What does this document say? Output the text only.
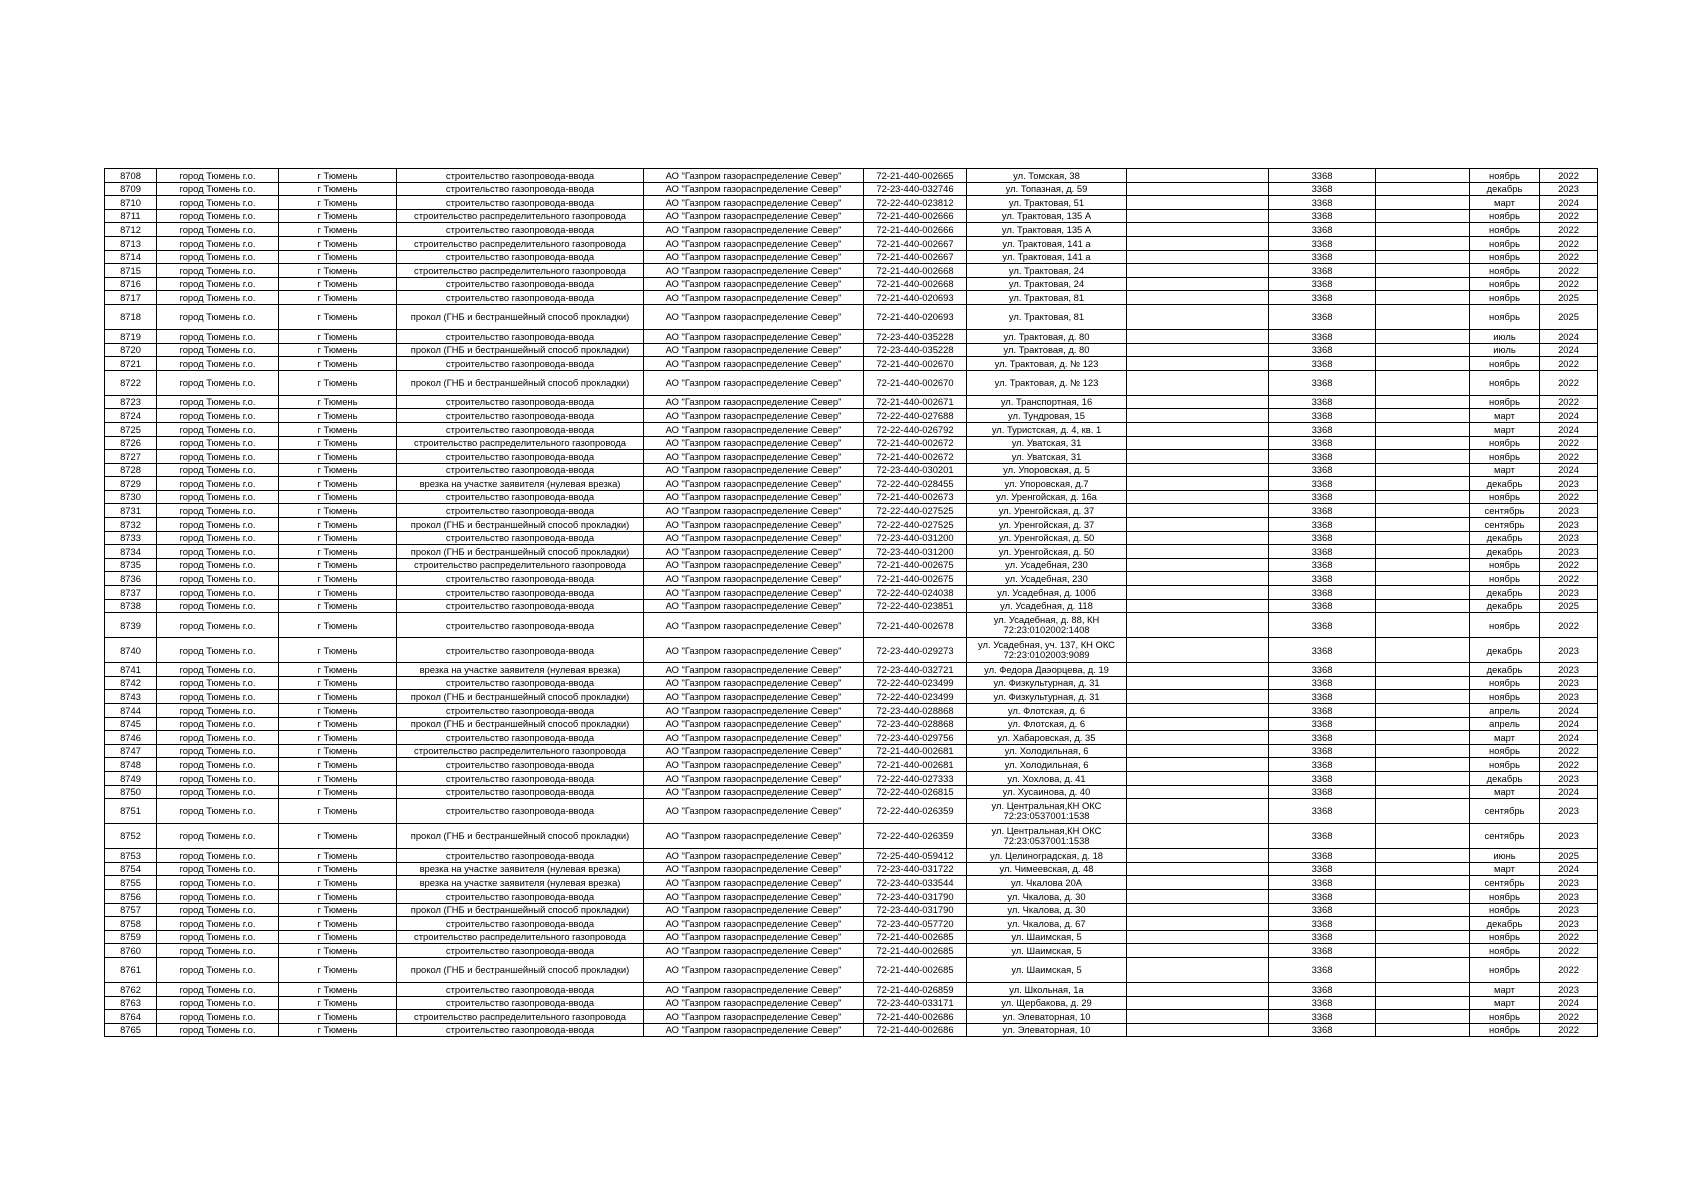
8708	город Тюмень г.о.	г Тюмень	строительство газопровода-ввода	АО "Газпром газораспределение Север"	72-21-440-002665	ул. Томская, 38		3368		ноябрь	2022
8709	город Тюмень г.о.	г Тюмень	строительство газопровода-ввода	АО "Газпром газораспределение Север"	72-23-440-032746	ул. Топазная, д. 59		3368		декабрь	2023
8710	город Тюмень г.о.	г Тюмень	строительство газопровода-ввода	АО "Газпром газораспределение Север"	72-22-440-023812	ул. Трактовая, 51		3368		март	2024
8711	город Тюмень г.о.	г Тюмень	строительство распределительного газопровода	АО "Газпром газораспределение Север"	72-21-440-002666	ул. Трактовая, 135 А		3368		ноябрь	2022
8712	город Тюмень г.о.	г Тюмень	строительство газопровода-ввода	АО "Газпром газораспределение Север"	72-21-440-002666	ул. Трактовая, 135 А		3368		ноябрь	2022
8713	город Тюмень г.о.	г Тюмень	строительство распределительного газопровода	АО "Газпром газораспределение Север"	72-21-440-002667	ул. Трактовая, 141 а		3368		ноябрь	2022
8714	город Тюмень г.о.	г Тюмень	строительство газопровода-ввода	АО "Газпром газораспределение Север"	72-21-440-002667	ул. Трактовая, 141 а		3368		ноябрь	2022
8715	город Тюмень г.о.	г Тюмень	строительство распределительного газопровода	АО "Газпром газораспределение Север"	72-21-440-002668	ул. Трактовая, 24		3368		ноябрь	2022
8716	город Тюмень г.о.	г Тюмень	строительство газопровода-ввода	АО "Газпром газораспределение Север"	72-21-440-002668	ул. Трактовая, 24		3368		ноябрь	2022
8717	город Тюмень г.о.	г Тюмень	строительство газопровода-ввода	АО "Газпром газораспределение Север"	72-21-440-020693	ул. Трактовая, 81		3368		ноябрь	2025
8718	город Тюмень г.о.	г Тюмень	прокол (ГНБ и бестраншейный способ прокладки)	АО "Газпром газораспределение Север"	72-21-440-020693	ул. Трактовая, 81		3368		ноябрь	2025
8719	город Тюмень г.о.	г Тюмень	строительство газопровода-ввода	АО "Газпром газораспределение Север"	72-23-440-035228	ул. Трактовая, д. 80		3368		июль	2024
8720	город Тюмень г.о.	г Тюмень	прокол (ГНБ и бестраншейный способ прокладки)	АО "Газпром газораспределение Север"	72-23-440-035228	ул. Трактовая, д. 80		3368		июль	2024
8721	город Тюмень г.о.	г Тюмень	строительство газопровода-ввода	АО "Газпром газораспределение Север"	72-21-440-002670	ул. Трактовая, д. № 123		3368		ноябрь	2022
8722	город Тюмень г.о.	г Тюмень	прокол (ГНБ и бестраншейный способ прокладки)	АО "Газпром газораспределение Север"	72-21-440-002670	ул. Трактовая, д. № 123		3368		ноябрь	2022
8723	город Тюмень г.о.	г Тюмень	строительство газопровода-ввода	АО "Газпром газораспределение Север"	72-21-440-002671	ул. Транспортная, 16		3368		ноябрь	2022
8724	город Тюмень г.о.	г Тюмень	строительство газопровода-ввода	АО "Газпром газораспределение Север"	72-22-440-027688	ул. Тундровая, 15		3368		март	2024
8725	город Тюмень г.о.	г Тюмень	строительство газопровода-ввода	АО "Газпром газораспределение Север"	72-22-440-026792	ул. Туристская, д. 4, кв. 1		3368		март	2024
8726	город Тюмень г.о.	г Тюмень	строительство распределительного газопровода	АО "Газпром газораспределение Север"	72-21-440-002672	ул. Уватская, 31		3368		ноябрь	2022
8727	город Тюмень г.о.	г Тюмень	строительство газопровода-ввода	АО "Газпром газораспределение Север"	72-21-440-002672	ул. Уватская, 31		3368		ноябрь	2022
8728	город Тюмень г.о.	г Тюмень	строительство газопровода-ввода	АО "Газпром газораспределение Север"	72-23-440-030201	ул. Упоровская, д. 5		3368		март	2024
8729	город Тюмень г.о.	г Тюмень	врезка на участке заявителя (нулевая врезка)	АО "Газпром газораспределение Север"	72-22-440-028455	ул. Упоровская, д.7		3368		декабрь	2023
8730	город Тюмень г.о.	г Тюмень	строительство газопровода-ввода	АО "Газпром газораспределение Север"	72-21-440-002673	ул. Уренгойская, д. 16а		3368		ноябрь	2022
8731	город Тюмень г.о.	г Тюмень	строительство газопровода-ввода	АО "Газпром газораспределение Север"	72-22-440-027525	ул. Уренгойская, д. 37		3368		сентябрь	2023
8732	город Тюмень г.о.	г Тюмень	прокол (ГНБ и бестраншейный способ прокладки)	АО "Газпром газораспределение Север"	72-22-440-027525	ул. Уренгойская, д. 37		3368		сентябрь	2023
8733	город Тюмень г.о.	г Тюмень	строительство газопровода-ввода	АО "Газпром газораспределение Север"	72-23-440-031200	ул. Уренгойская, д. 50		3368		декабрь	2023
8734	город Тюмень г.о.	г Тюмень	прокол (ГНБ и бестраншейный способ прокладки)	АО "Газпром газораспределение Север"	72-23-440-031200	ул. Уренгойская, д. 50		3368		декабрь	2023
8735	город Тюмень г.о.	г Тюмень	строительство распределительного газопровода	АО "Газпром газораспределение Север"	72-21-440-002675	ул. Усадебная, 230		3368		ноябрь	2022
8736	город Тюмень г.о.	г Тюмень	строительство газопровода-ввода	АО "Газпром газораспределение Север"	72-21-440-002675	ул. Усадебная, 230		3368		ноябрь	2022
8737	город Тюмень г.о.	г Тюмень	строительство газопровода-ввода	АО "Газпром газораспределение Север"	72-22-440-024038	ул. Усадебная, д. 100б		3368		декабрь	2023
8738	город Тюмень г.о.	г Тюмень	строительство газопровода-ввода	АО "Газпром газораспределение Север"	72-22-440-023851	ул. Усадебная, д. 118		3368		декабрь	2025
8739	город Тюмень г.о.	г Тюмень	строительство газопровода-ввода	АО "Газпром газораспределение Север"	72-21-440-002678	ул. Усадебная, д. 88, КН 72:23:0102002:1408		3368		ноябрь	2022
8740	город Тюмень г.о.	г Тюмень	строительство газопровода-ввода	АО "Газпром газораспределение Север"	72-23-440-029273	ул. Усадебная, уч. 137, КН ОКС 72:23:0102003:9089		3368		декабрь	2023
8741	город Тюмень г.о.	г Тюмень	врезка на участке заявителя (нулевая врезка)	АО "Газпром газораспределение Север"	72-23-440-032721	ул. Федора Даэорцева, д. 19		3368		декабрь	2023
8742	город Тюмень г.о.	г Тюмень	строительство газопровода-ввода	АО "Газпром газораспределение Север"	72-22-440-023499	ул. Физкультурная, д. 31		3368		ноябрь	2023
8743	город Тюмень г.о.	г Тюмень	прокол (ГНБ и бестраншейный способ прокладки)	АО "Газпром газораспределение Север"	72-22-440-023499	ул. Физкультурная, д. 31		3368		ноябрь	2023
8744	город Тюмень г.о.	г Тюмень	строительство газопровода-ввода	АО "Газпром газораспределение Север"	72-23-440-028868	ул. Флотская, д. 6		3368		апрель	2024
8745	город Тюмень г.о.	г Тюмень	прокол (ГНБ и бестраншейный способ прокладки)	АО "Газпром газораспределение Север"	72-23-440-028868	ул. Флотская, д. 6		3368		апрель	2024
8746	город Тюмень г.о.	г Тюмень	строительство газопровода-ввода	АО "Газпром газораспределение Север"	72-23-440-029756	ул. Хабаровская, д. 35		3368		март	2024
8747	город Тюмень г.о.	г Тюмень	строительство распределительного газопровода	АО "Газпром газораспределение Север"	72-21-440-002681	ул. Холодильная, 6		3368		ноябрь	2022
8748	город Тюмень г.о.	г Тюмень	строительство газопровода-ввода	АО "Газпром газораспределение Север"	72-21-440-002681	ул. Холодильная, 6		3368		ноябрь	2022
8749	город Тюмень г.о.	г Тюмень	строительство газопровода-ввода	АО "Газпром газораспределение Север"	72-22-440-027333	ул. Хохлова, д. 41		3368		декабрь	2023
8750	город Тюмень г.о.	г Тюмень	строительство газопровода-ввода	АО "Газпром газораспределение Север"	72-22-440-026815	ул. Хусаинова, д. 40		3368		март	2024
8751	город Тюмень г.о.	г Тюмень	строительство газопровода-ввода	АО "Газпром газораспределение Север"	72-22-440-026359	ул. Центральная,КН ОКС 72:23:0537001:1538		3368		сентябрь	2023
8752	город Тюмень г.о.	г Тюмень	прокол (ГНБ и бестраншейный способ прокладки)	АО "Газпром газораспределение Север"	72-22-440-026359	ул. Центральная,КН ОКС 72:23:0537001:1538		3368		сентябрь	2023
8753	город Тюмень г.о.	г Тюмень	строительство газопровода-ввода	АО "Газпром газораспределение Север"	72-25-440-059412	ул. Целиноградская, д. 18		3368		июнь	2025
8754	город Тюмень г.о.	г Тюмень	врезка на участке заявителя (нулевая врезка)	АО "Газпром газораспределение Север"	72-23-440-031722	ул. Чимеевская, д. 48		3368		март	2024
8755	город Тюмень г.о.	г Тюмень	врезка на участке заявителя (нулевая врезка)	АО "Газпром газораспределение Север"	72-23-440-033544	ул. Чкалова 20А		3368		сентябрь	2023
8756	город Тюмень г.о.	г Тюмень	строительство газопровода-ввода	АО "Газпром газораспределение Север"	72-23-440-031790	ул. Чкалова, д. 30		3368		ноябрь	2023
8757	город Тюмень г.о.	г Тюмень	прокол (ГНБ и бестраншейный способ прокладки)	АО "Газпром газораспределение Север"	72-23-440-031790	ул. Чкалова, д. 30		3368		ноябрь	2023
8758	город Тюмень г.о.	г Тюмень	строительство газопровода-ввода	АО "Газпром газораспределение Север"	72-23-440-057720	ул. Чкалова, д. 67		3368		декабрь	2023
8759	город Тюмень г.о.	г Тюмень	строительство распределительного газопровода	АО "Газпром газораспределение Север"	72-21-440-002685	ул. Шаимская, 5		3368		ноябрь	2022
8760	город Тюмень г.о.	г Тюмень	строительство газопровода-ввода	АО "Газпром газораспределение Север"	72-21-440-002685	ул. Шаимская, 5		3368		ноябрь	2022
8761	город Тюмень г.о.	г Тюмень	прокол (ГНБ и бестраншейный способ прокладки)	АО "Газпром газораспределение Север"	72-21-440-002685	ул. Шаимская, 5		3368		ноябрь	2022
8762	город Тюмень г.о.	г Тюмень	строительство газопровода-ввода	АО "Газпром газораспределение Север"	72-21-440-026859	ул. Школьная, 1а		3368		март	2023
8763	город Тюмень г.о.	г Тюмень	строительство газопровода-ввода	АО "Газпром газораспределение Север"	72-23-440-033171	ул. Щербакова, д. 29		3368		март	2024
8764	город Тюмень г.о.	г Тюмень	строительство распределительного газопровода	АО "Газпром газораспределение Север"	72-21-440-002686	ул. Элеваторная, 10		3368		ноябрь	2022
8765	город Тюмень г.о.	г Тюмень	строительство газопровода-ввода	АО "Газпром газораспределение Север"	72-21-440-002686	ул. Элеваторная, 10		3368		ноябрь	2022
